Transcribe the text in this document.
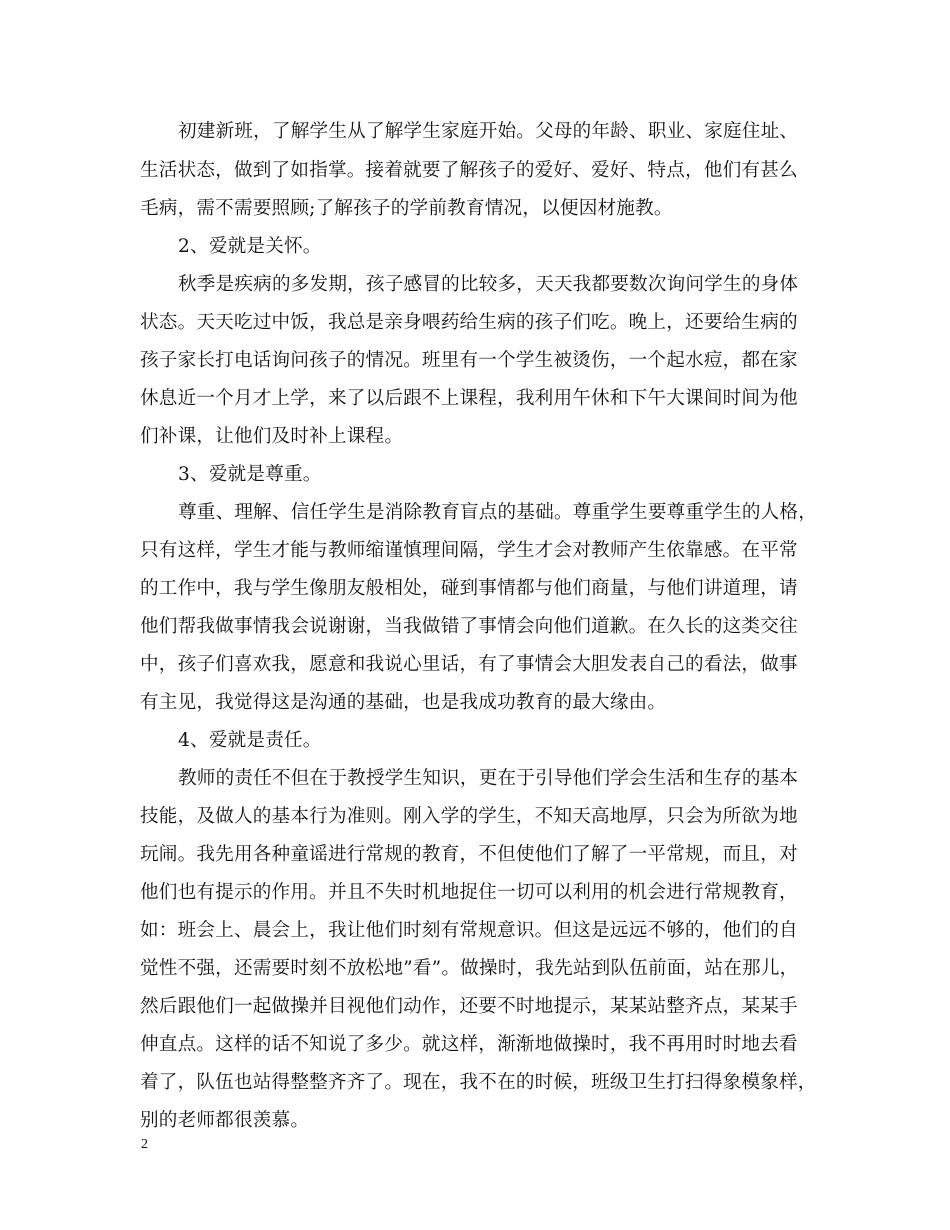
初建新班，了解学生从了解学生家庭开始。父母的年龄、职业、家庭住址、
生活状态，做到了如指掌。接着就要了解孩子的爱好、爱好、特点，他们有甚么
毛病，需不需要照顾;了解孩子的学前教育情况，以便因材施教。
2、爱就是关怀。
秋季是疾病的多发期，孩子感冒的比较多，天天我都要数次询问学生的身体
状态。天天吃过中饭，我总是亲身喂药给生病的孩子们吃。晚上，还要给生病的
孩子家长打电话询问孩子的情况。班里有一个学生被烫伤，一个起水痘，都在家
休息近一个月才上学，来了以后跟不上课程，我利用午休和下午大课间时间为他
们补课，让他们及时补上课程。
3、爱就是尊重。
尊重、理解、信任学生是消除教育盲点的基础。尊重学生要尊重学生的人格，
只有这样，学生才能与教师缩谨慎理间隔，学生才会对教师产生依靠感。在平常
的工作中，我与学生像朋友般相处，碰到事情都与他们商量，与他们讲道理，请
他们帮我做事情我会说谢谢，当我做错了事情会向他们道歉。在久长的这类交往
中，孩子们喜欢我，愿意和我说心里话，有了事情会大胆发表自己的看法，做事
有主见，我觉得这是沟通的基础，也是我成功教育的最大缘由。
4、爱就是责任。
教师的责任不但在于教授学生知识，更在于引导他们学会生活和生存的基本
技能，及做人的基本行为准则。刚入学的学生，不知天高地厚，只会为所欲为地
玩闹。我先用各种童谣进行常规的教育，不但使他们了解了一平常规，而且，对
他们也有提示的作用。并且不失时机地捉住一切可以利用的机会进行常规教育，
如：班会上、晨会上，我让他们时刻有常规意识。但这是远远不够的，他们的自
觉性不强，还需要时刻不放松地”看”。做操时，我先站到队伍前面，站在那儿，
然后跟他们一起做操并目视他们动作，还要不时地提示，某某站整齐点，某某手
伸直点。这样的话不知说了多少。就这样，渐渐地做操时，我不再用时时地去看
着了，队伍也站得整整齐齐了。现在，我不在的时候，班级卫生打扫得象模象样，
别的老师都很羡慕。
2
